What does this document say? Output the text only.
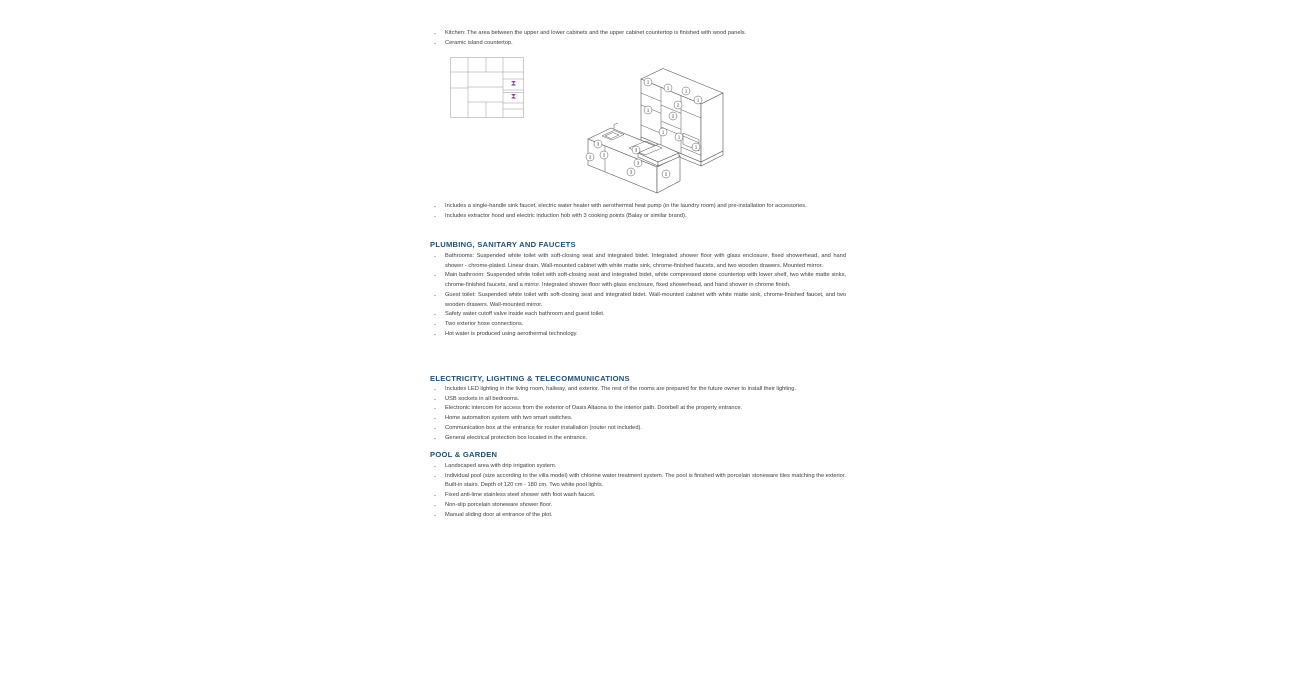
▪ Kitchen: The area between the upper and lower cabinets and the upper cabinet countertop is finished with wood panels.
▪ Ceramic island countertop.
1
1
1
1
1
2
2
1
1
1
3
3
2	2
3
3	2
▪ Includes a single-handle sink faucet, electric water heater with aerothermal heat pump (in the laundry room) and pre-installation for accessories.
▪ Includes extractor hood and electric induction hob with 3 cooking points (Balay or similar brand).
PLUMBING, SANITARY AND FAUCETS
▪ Bathrooms: Suspended white toilet with soft-closing seat and integrated bidet. Integrated shower floor with glass enclosure, fixed showerhead, and hand shower - chrome-plated. Linear drain. Wall-mounted cabinet with white matte sink, chrome-finished faucets, and two wooden drawers. Mounted mirror.
▪ Main bathroom: Suspended white toilet with soft-closing seat and integrated bidet, white compressed stone countertop with lower shelf, two white matte sinks, chrome-finished faucets, and a mirror. Integrated shower floor with glass enclosure, fixed showerhead, and hand shower in chrome finish.
▪ Guest toilet: Suspended white toilet with soft-closing seat and integrated bidet. Wall-mounted cabinet with white matte sink, chrome-finished faucet, and two wooden drawers. Wall-mounted mirror.
▪ Safety water cutoff valve inside each bathroom and guest toilet.
▪ Two exterior hose connections.
▪ Hot water is produced using aerothermal technology.
ELECTRICITY, LIGHTING & TELECOMMUNICATIONS
▪ Includes LED lighting in the living room, hallway, and exterior. The rest of the rooms are prepared for the future owner to install their lighting.
▪ USB sockets in all bedrooms.
▪ Electronic intercom for access from the exterior of Oasis Altaona to the interior path. Doorbell at the property entrance.
▪ Home automation system with two smart switches.
▪ Communication box at the entrance for router installation (router not included).
▪ General electrical protection box located in the entrance.
POOL & GARDEN
▪ Landscaped area with drip irrigation system.
▪ Individual pool (size according to the villa model) with chlorine water treatment system. The pool is finished with porcelain stoneware tiles matching the exterior. Built-in stairs. Depth of 120 cm - 180 cm. Two white pool lights.
▪ Fixed anti-lime stainless steel shower with foot wash faucet.
▪ Non-slip porcelain stoneware shower floor.
▪ Manual sliding door at entrance of the plot.
